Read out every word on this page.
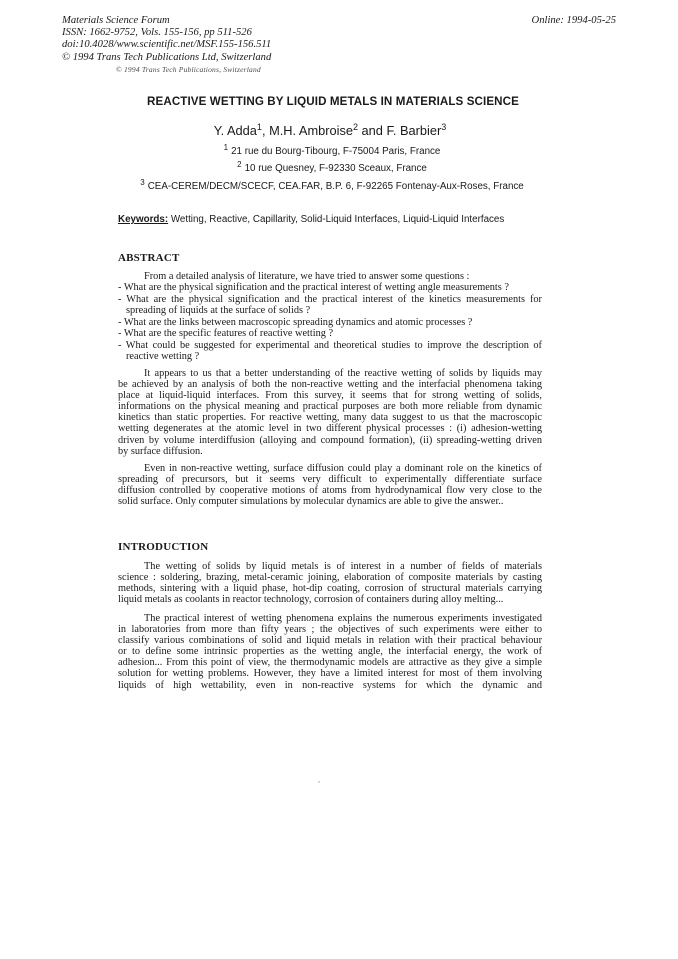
Materials Science Forum
ISSN: 1662-9752, Vols. 155-156, pp 511-526
doi:10.4028/www.scientific.net/MSF.155-156.511
© 1994 Trans Tech Publications Ltd, Switzerland
Online: 1994-05-25
© 1994 Trans Tech Publications, Switzerland
REACTIVE WETTING BY LIQUID METALS IN MATERIALS SCIENCE
Y. Adda$^1$, M.H. Ambroise$^2$ and F. Barbier$^3$
$^1$ 21 rue du Bourg-Tibourg, F-75004 Paris, France
$^2$ 10 rue Quesney, F-92330 Sceaux, France
$^3$ CEA-CEREM/DECM/SCECF, CEA.FAR, B.P. 6, F-92265 Fontenay-Aux-Roses, France
Keywords: Wetting, Reactive, Capillarity, Solid-Liquid Interfaces, Liquid-Liquid Interfaces
ABSTRACT
From a detailed analysis of literature, we have tried to answer some questions :
- What are the physical signification and the practical interest of wetting angle measurements ?
- What are the physical signification and the practical interest of the kinetics measurements for
spreading of liquids at the surface of solids ?
- What are the links between macroscopic spreading dynamics and atomic processes ?
- What are the specific features of reactive wetting ?
- What could be suggested for experimental and theoretical studies to improve the description of
reactive wetting ?
It appears to us that a better understanding of the reactive wetting of solids by liquids may
be achieved by an analysis of both the non-reactive wetting and the interfacial phenomena taking
place at liquid-liquid interfaces. From this survey, it seems that for strong wetting of solids,
informations on the physical meaning and practical purposes are both more reliable from dynamic
kinetics than static properties. For reactive wetting, many data suggest to us that the macroscopic
wetting degenerates at the atomic level in two different physical processes : (i) adhesion-wetting
driven by volume interdiffusion (alloying and compound formation), (ii) spreading-wetting driven
by surface diffusion.
Even in non-reactive wetting, surface diffusion could play a dominant role on the kinetics of
spreading of precursors, but it seems very difficult to experimentally differentiate surface
diffusion controlled by cooperative motions of atoms from hydrodynamical flow very close to the
solid surface. Only computer simulations by molecular dynamics are able to give the answer..
INTRODUCTION
The wetting of solids by liquid metals is of interest in a number of fields of materials
science : soldering, brazing, metal-ceramic joining, elaboration of composite materials by casting
methods, sintering with a liquid phase, hot-dip coating, corrosion of structural materials carrying
liquid metals as coolants in reactor technology, corrosion of containers during alloy melting...
The practical interest of wetting phenomena explains the numerous experiments investigated
in laboratories from more than fifty years ; the objectives of such experiments were either to
classify various combinations of solid and liquid metals in relation with their practical behaviour
or to define some intrinsic properties as the wetting angle, the interfacial energy, the work of
adhesion... From this point of view, the thermodynamic models are attractive as they give a simple
solution for wetting problems. However, they have a limited interest for most of them involving
liquids of high wettability, even in non-reactive systems for which the dynamic and
